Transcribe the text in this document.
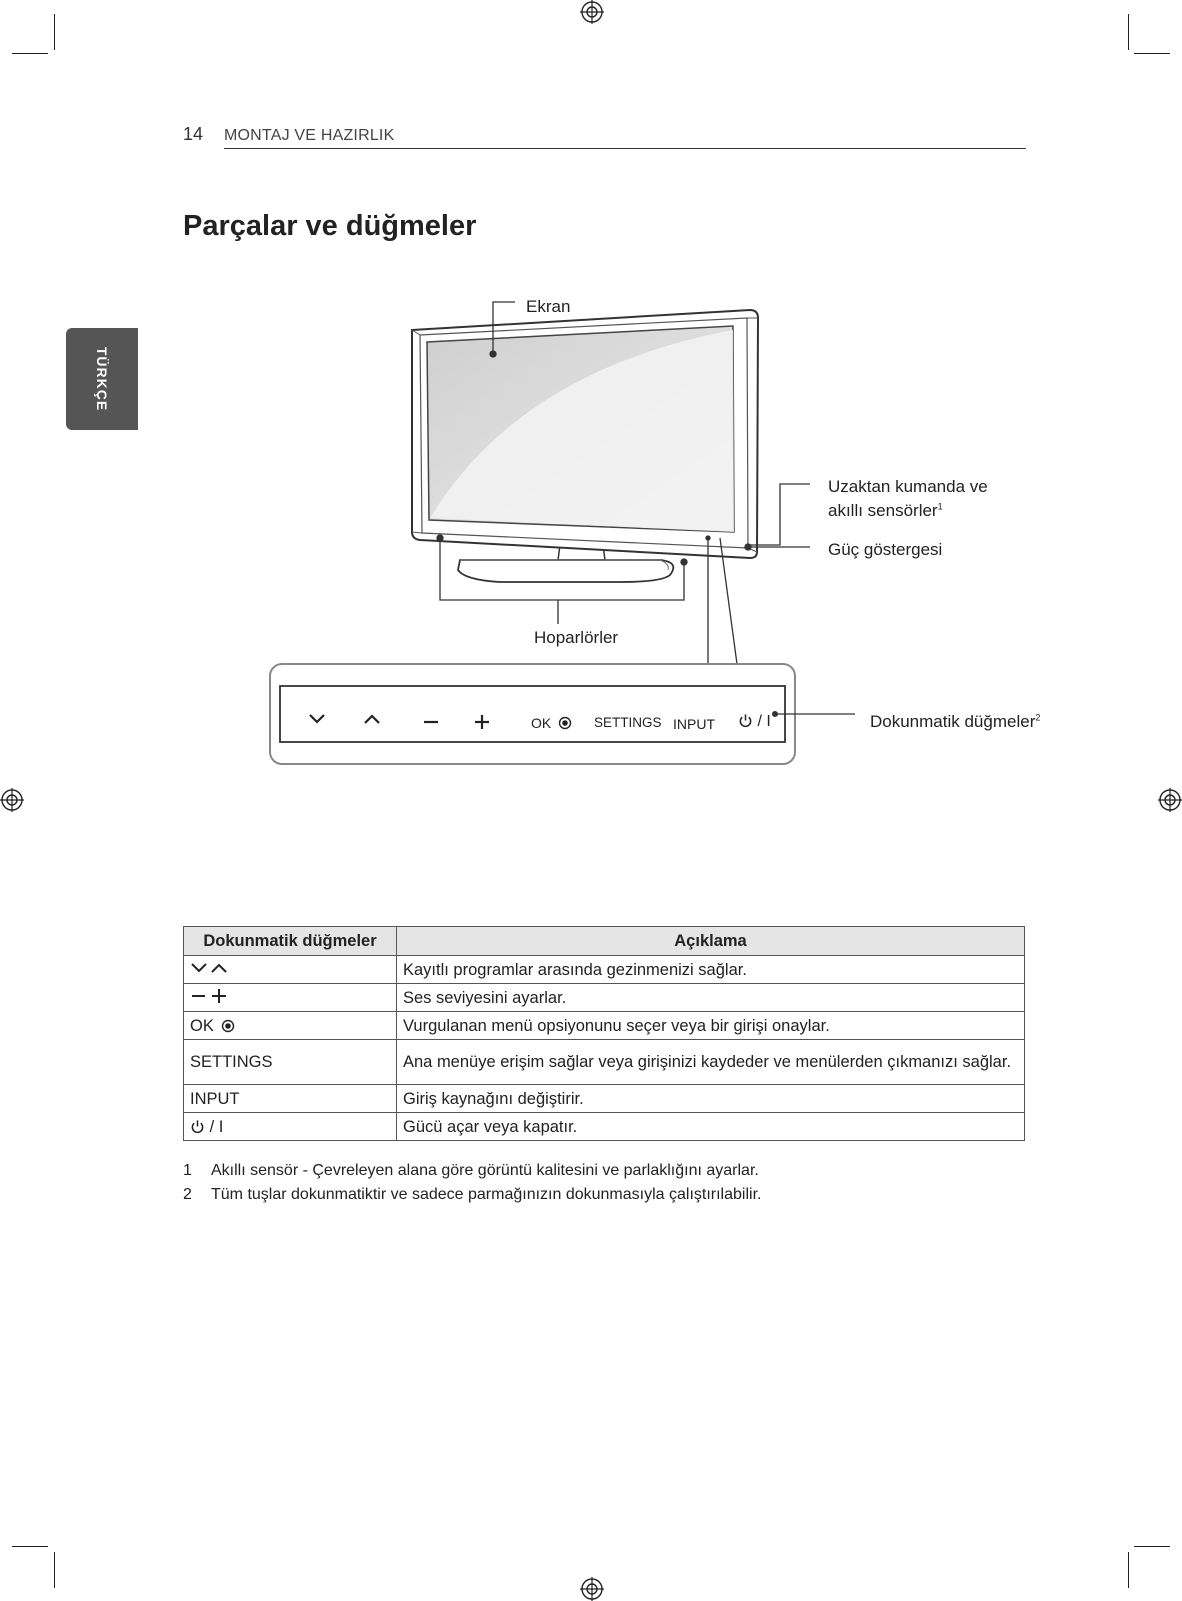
14 MONTAJ VE HAZIRLIK
TÜRKÇE
Parçalar ve düğmeler
OK	SETTINGS INPUT	/ I
Ekran
Uzaktan kumanda ve
akıllı sensörler$^1$
Güç göstergesi
Hoparlörler
Dokunmatik düğmeler$^2$
Dokunmatik düğmeler	Açıklama
	Kayıtlı programlar arasında gezinmenizi sağlar.
	Ses seviyesini ayarlar.
OK	Vurgulanan menü opsiyonunu seçer veya bir girişi onaylar.
SETTINGS	Ana menüye erişim sağlar veya girişinizi kaydeder ve menülerden çıkmanızı sağlar.
INPUT	Giriş kaynağını değiştirir.
/ I	Gücü açar veya kapatır.
1	Akıllı sensör - Çevreleyen alana göre görüntü kalitesini ve parlaklığını ayarlar.
2	Tüm tuşlar dokunmatiktir ve sadece parmağınızın dokunmasıyla çalıştırılabilir.
